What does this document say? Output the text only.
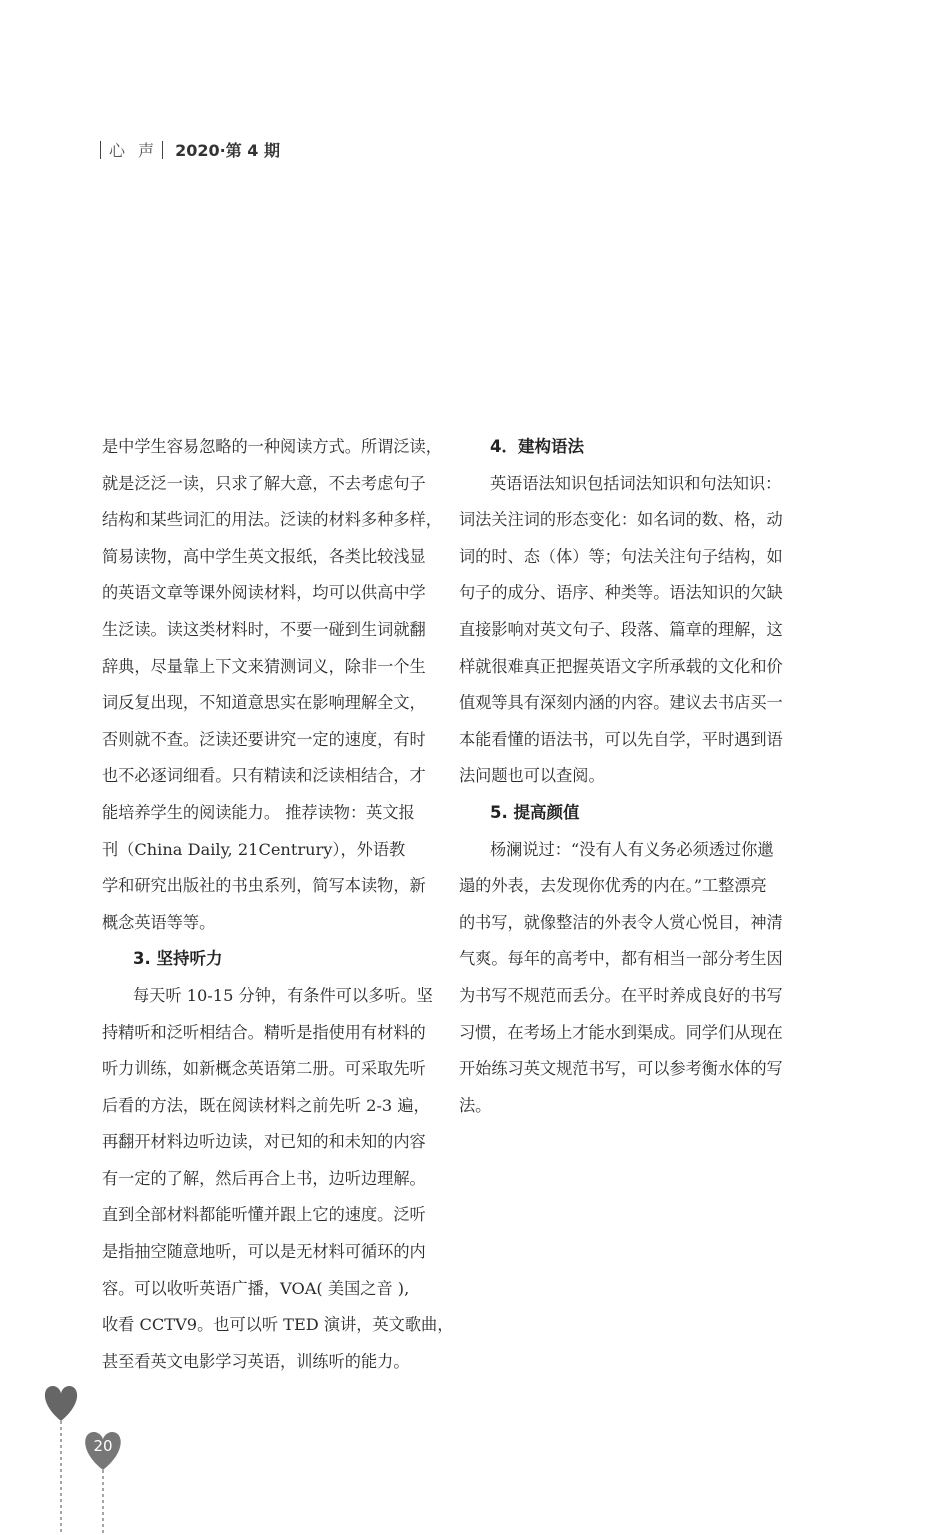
心 声 2020·第 4 期
是中学生容易忽略的一种阅读方式。所谓泛读，
就是泛泛一读，只求了解大意，不去考虑句子
结构和某些词汇的用法。泛读的材料多种多样，
简易读物，高中学生英文报纸，各类比较浅显
的英语文章等课外阅读材料，均可以供高中学
生泛读。读这类材料时，不要一碰到生词就翻
辞典，尽量靠上下文来猜测词义，除非一个生
词反复出现，不知道意思实在影响理解全文，
否则就不查。泛读还要讲究一定的速度，有时
也不必逐词细看。只有精读和泛读相结合，才
能培养学生的阅读能力。 推荐读物：英文报
刊（China Daily, 21Centrury），外语教
学和研究出版社的书虫系列，简写本读物，新
概念英语等等。
3. 坚持听力
每天听 10-15 分钟，有条件可以多听。坚
持精听和泛听相结合。精听是指使用有材料的
听力训练，如新概念英语第二册。可采取先听
后看的方法，既在阅读材料之前先听 2-3 遍，
再翻开材料边听边读，对已知的和未知的内容
有一定的了解，然后再合上书，边听边理解。
直到全部材料都能听懂并跟上它的速度。泛听
是指抽空随意地听，可以是无材料可循环的内
容。可以收听英语广播，VOA( 美国之音 ),
收看 CCTV9。也可以听 TED 演讲，英文歌曲，
甚至看英文电影学习英语，训练听的能力。
4．建构语法
英语语法知识包括词法知识和句法知识：
词法关注词的形态变化：如名词的数、格，动
词的时、态（体）等；句法关注句子结构，如
句子的成分、语序、种类等。语法知识的欠缺
直接影响对英文句子、段落、篇章的理解，这
样就很难真正把握英语文字所承载的文化和价
值观等具有深刻内涵的内容。建议去书店买一
本能看懂的语法书，可以先自学，平时遇到语
法问题也可以查阅。
5. 提高颜值
杨澜说过：“没有人有义务必须透过你邋
遢的外表，去发现你优秀的内在。”工整漂亮
的书写，就像整洁的外表令人赏心悦目，神清
气爽。每年的高考中，都有相当一部分考生因
为书写不规范而丢分。在平时养成良好的书写
习惯，在考场上才能水到渠成。同学们从现在
开始练习英文规范书写，可以参考衡水体的写
法。
20
